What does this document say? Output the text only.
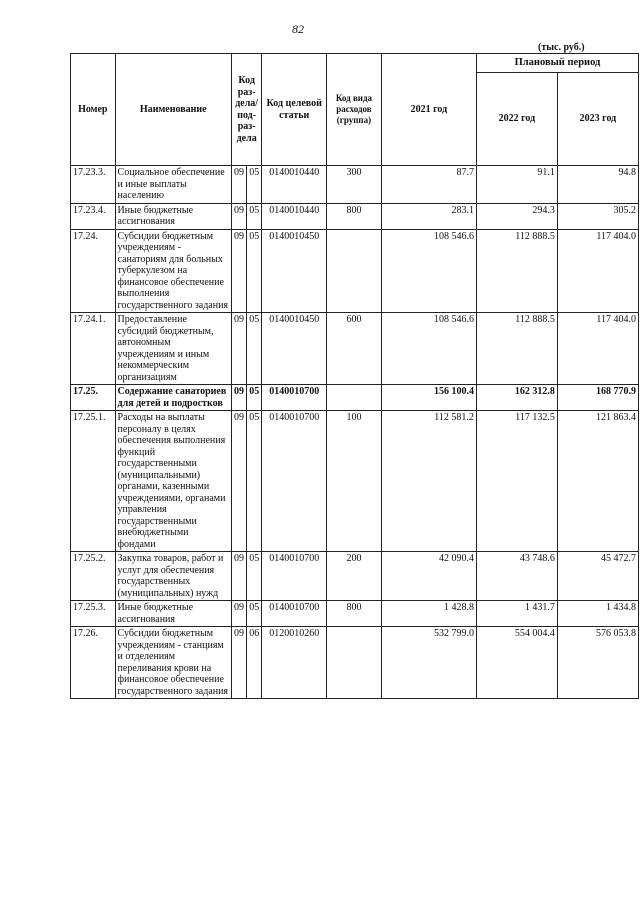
82
(тыс. руб.)
Номер	Наименование	Код раз-дела/ под-раз-дела		Код целевой статьи	Код вида расходов (группа)	2021 год	Плановый период	
							2022 год	2023 год
17.23.3.	Социальное обеспечение и иные выплаты населению	09	05	0140010440	300	87.7	91.1	94.8
17.23.4.	Иные бюджетные ассигнования	09	05	0140010440	800	283.1	294.3	305.2
17.24.	Субсидии бюджетным учреждениям - санаториям для больных туберкулезом на финансовое обеспечение выполнения государственного задания	09	05	0140010450		108 546.6	112 888.5	117 404.0
17.24.1.	Предоставление субсидий бюджетным, автономным учреждениям и иным некоммерческим организациям	09	05	0140010450	600	108 546.6	112 888.5	117 404.0
17.25.	Содержание санаториев для детей и подростков	09	05	0140010700		156 100.4	162 312.8	168 770.9
17.25.1.	Расходы на выплаты персоналу в целях обеспечения выполнения функций государственными (муниципальными) органами, казенными учреждениями, органами управления государственными внебюджетными фондами	09	05	0140010700	100	112 581.2	117 132.5	121 863.4
17.25.2.	Закупка товаров, работ и услуг для обеспечения государственных (муниципальных) нужд	09	05	0140010700	200	42 090.4	43 748.6	45 472.7
17.25.3.	Иные бюджетные ассигнования	09	05	0140010700	800	1 428.8	1 431.7	1 434.8
17.26.	Субсидии бюджетным учреждениям - станциям и отделениям переливания крови на финансовое обеспечение государственного задания	09	06	0120010260		532 799.0	554 004.4	576 053.8
